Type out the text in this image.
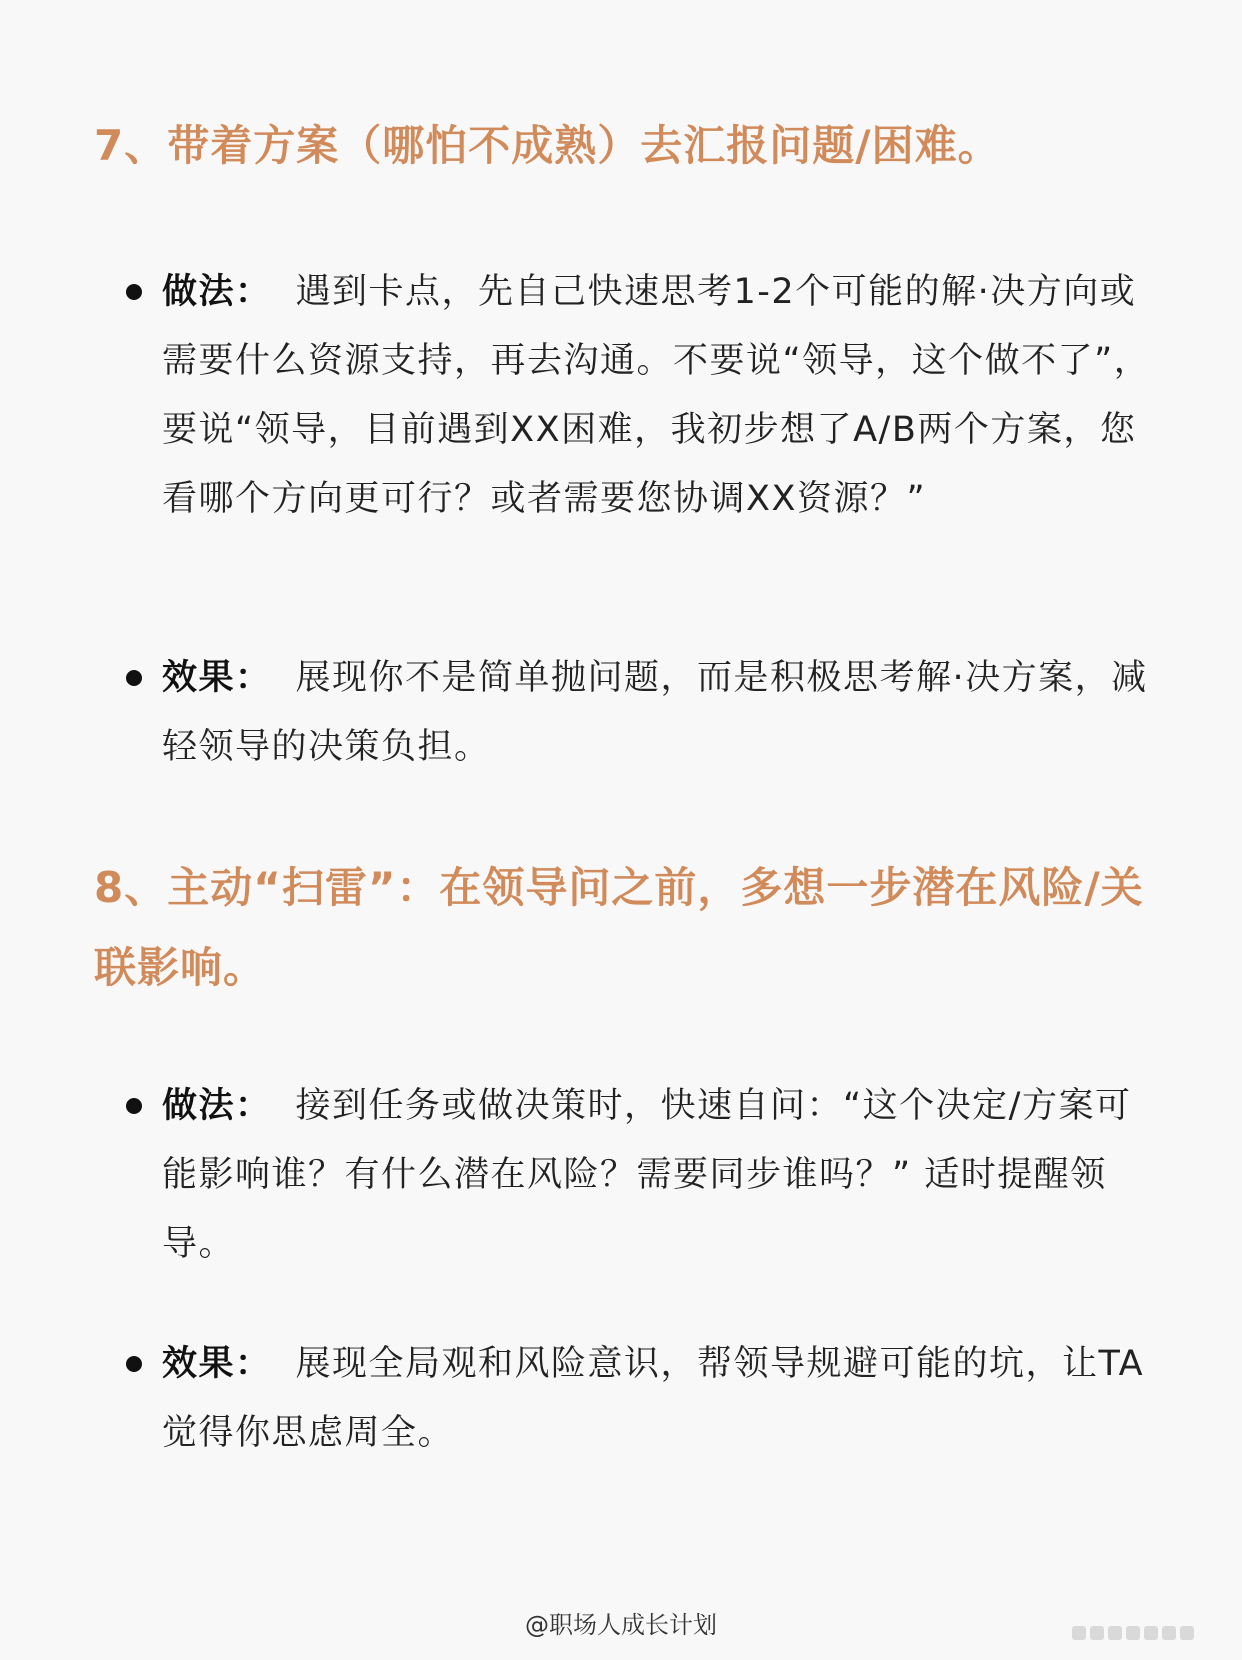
7、带着方案（哪怕不成熟）去汇报问题/困难。
做法： 遇到卡点，先自己快速思考1-2个可能的解·决方向或需要什么资源支持，再去沟通。不要说“领导，这个做不了”，要说“领导，目前遇到XX困难，我初步想了A/B两个方案，您看哪个方向更可行？或者需要您协调XX资源？”
效果： 展现你不是简单抛问题，而是积极思考解·决方案，减轻领导的决策负担。
8、主动“扫雷”：在领导问之前，多想一步潜在风险/关联影响。
做法： 接到任务或做决策时，快速自问：“这个决定/方案可能影响谁？有什么潜在风险？需要同步谁吗？” 适时提醒领导。
效果： 展现全局观和风险意识，帮领导规避可能的坑，让TA觉得你思虑周全。
@职场人成长计划
